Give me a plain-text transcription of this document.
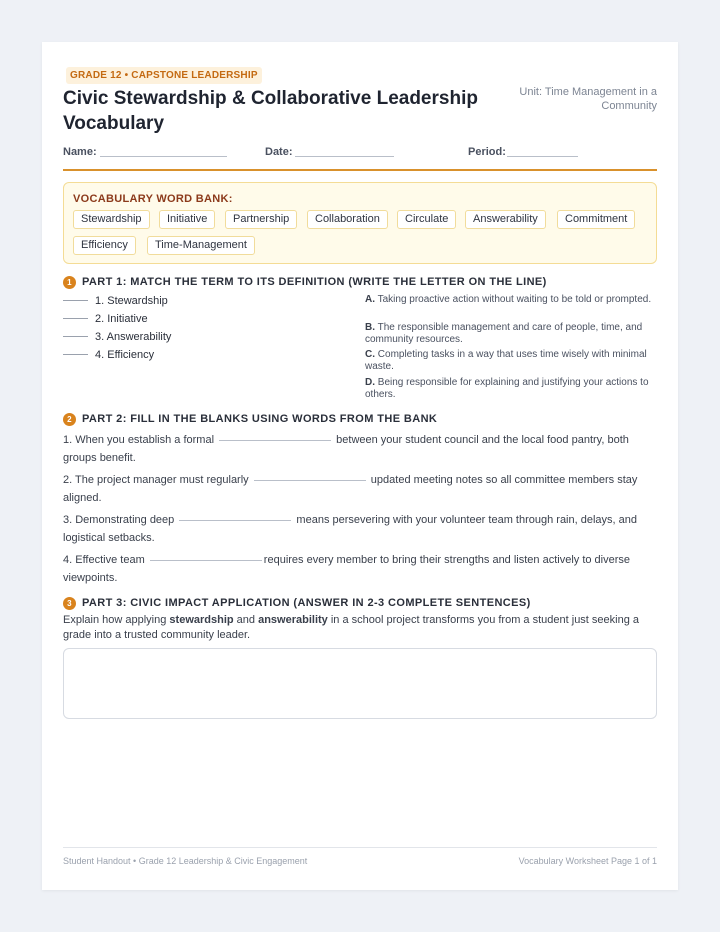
GRADE 12 • CAPSTONE LEADERSHIP
Civic Stewardship & Collaborative Leadership Vocabulary
Unit: Time Management in a Community
Name:	Date:	Period:
VOCABULARY WORD BANK:
Stewardship	Initiative	Partnership	Collaboration	Circulate	Answerability	Commitment
Efficiency	Time-Management
1 PART 1: MATCH THE TERM TO ITS DEFINITION (WRITE THE LETTER ON THE LINE)
1. Stewardship
2. Initiative
3. Answerability
4. Efficiency
A. Taking proactive action without waiting to be told or prompted.
B. The responsible management and care of people, time, and community resources.
C. Completing tasks in a way that uses time wisely with minimal waste.
D. Being responsible for explaining and justifying your actions to others.
2 PART 2: FILL IN THE BLANKS USING WORDS FROM THE BANK
1. When you establish a formal	between your student council and the local food pantry, both groups benefit.
2. The project manager must regularly	updated meeting notes so all committee members stay aligned.
3. Demonstrating deep	means persevering with your volunteer team through rain, delays, and logistical setbacks.
4. Effective team	requires every member to bring their strengths and listen actively to diverse viewpoints.
3 PART 3: CIVIC IMPACT APPLICATION (ANSWER IN 2-3 COMPLETE SENTENCES)
Explain how applying stewardship and answerability in a school project transforms you from a student just seeking a grade into a trusted community leader.
Student Handout • Grade 12 Leadership & Civic Engagement	Vocabulary Worksheet Page 1 of 1
